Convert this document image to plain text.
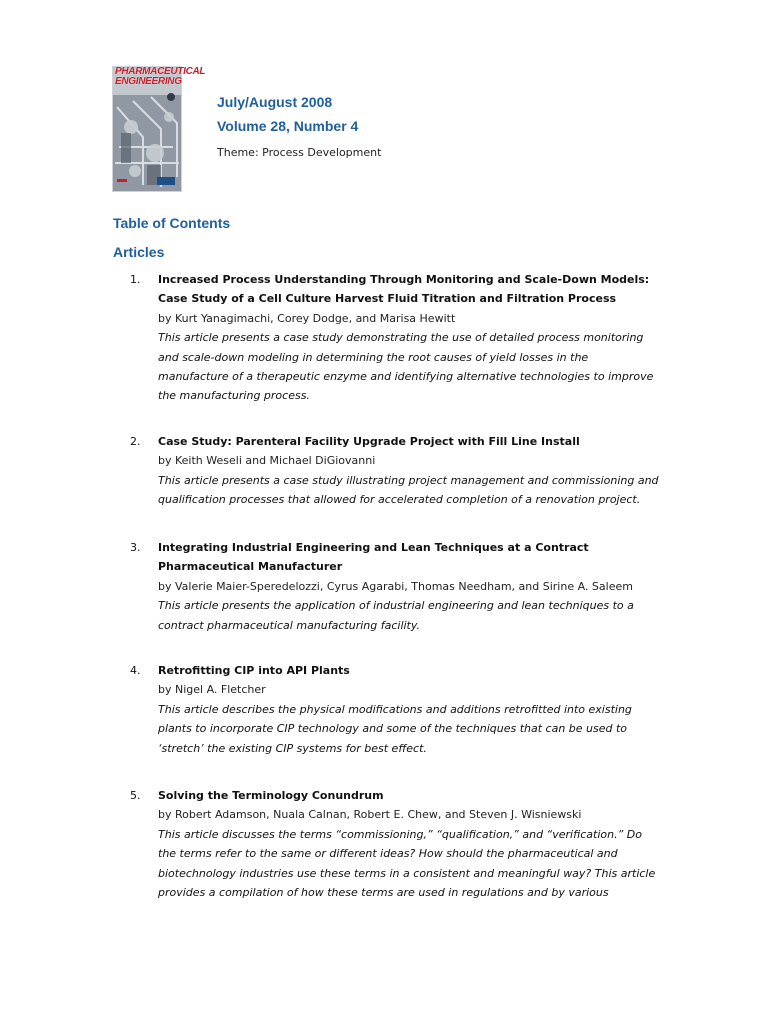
PHARMACEUTICAL
ENGINEERING
July/August 2008
Volume 28, Number 4
Theme: Process Development
Table of Contents
Articles
1.	Increased Process Understanding Through Monitoring and Scale-Down Models: Case Study of a Cell Culture Harvest Fluid Titration and Filtration Process
by Kurt Yanagimachi, Corey Dodge, and Marisa Hewitt
This article presents a case study demonstrating the use of detailed process monitoring and scale-down modeling in determining the root causes of yield losses in the manufacture of a therapeutic enzyme and identifying alternative technologies to improve the manufacturing process.
2.	Case Study: Parenteral Facility Upgrade Project with Fill Line Install
by Keith Weseli and Michael DiGiovanni
This article presents a case study illustrating project management and commissioning and qualification processes that allowed for accelerated completion of a renovation project.
3.	Integrating Industrial Engineering and Lean Techniques at a Contract Pharmaceutical Manufacturer
by Valerie Maier-Speredelozzi, Cyrus Agarabi, Thomas Needham, and Sirine A. Saleem
This article presents the application of industrial engineering and lean techniques to a contract pharmaceutical manufacturing facility.
4.	Retrofitting CIP into API Plants
by Nigel A. Fletcher
This article describes the physical modifications and additions retrofitted into existing plants to incorporate CIP technology and some of the techniques that can be used to ‘stretch’ the existing CIP systems for best effect.
5.	Solving the Terminology Conundrum
by Robert Adamson, Nuala Calnan, Robert E. Chew, and Steven J. Wisniewski
This article discusses the terms “commissioning,” “qualification,” and “verification.” Do the terms refer to the same or different ideas? How should the pharmaceutical and biotechnology industries use these terms in a consistent and meaningful way? This article provides a compilation of how these terms are used in regulations and by various
